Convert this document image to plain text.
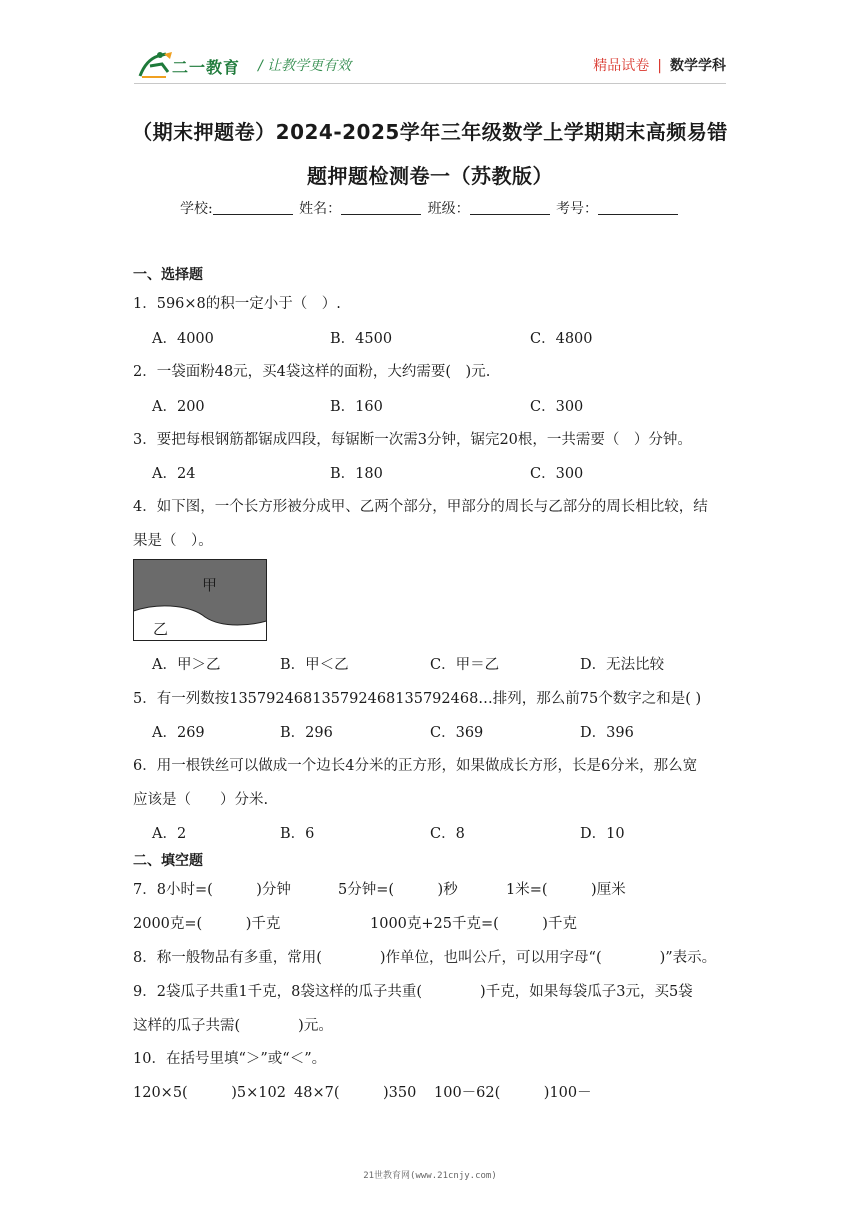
二一教育 / 让教学更有效	精品试卷 | 数学学科
（期末押题卷）2024-2025学年三年级数学上学期期末高频易错
题押题检测卷一（苏教版）
学校:	姓名：	班级：	考号：
一、选择题
1．596×8的积一定小于（　）.
A．4000	B．4500	C．4800
2．一袋面粉48元，买4袋这样的面粉，大约需要(　)元.
A．200	B．160	C．300
3．要把每根钢筋都锯成四段，每锯断一次需3分钟，锯完20根，一共需要（　）分钟。
A．24	B．180	C．300
4．如下图，一个长方形被分成甲、乙两个部分，甲部分的周长与乙部分的周长相比较，结
果是（　）。
甲
乙
A．甲＞乙	B．甲＜乙	C．甲＝乙	D．无法比较
5．有一列数按135792468135792468135792468…排列，那么前75个数字之和是( )
A．269	B．296	C．369	D．396
6．用一根铁丝可以做成一个边长4分米的正方形，如果做成长方形，长是6分米，那么宽
应该是（　　）分米.
A．2	B．6	C．8	D．10
二、填空题
7．8小时=(　　　)分钟	5分钟=(　　　)秒	1米=(　　　)厘米
2000克=(　　　)千克	1000克+25千克=(　　　)千克
8．称一般物品有多重，常用(　　　　)作单位，也叫公斤，可以用字母“(　　　　)”表示。
9．2袋瓜子共重1千克，8袋这样的瓜子共重(　　　　)千克，如果每袋瓜子3元，买5袋
这样的瓜子共需(　　　　)元。
10．在括号里填“＞”或“＜”。
120×5(　　　)5×102 48×7(　　　)350 100－62(　　　)100－
21世教育网(www.21cnjy.com)
